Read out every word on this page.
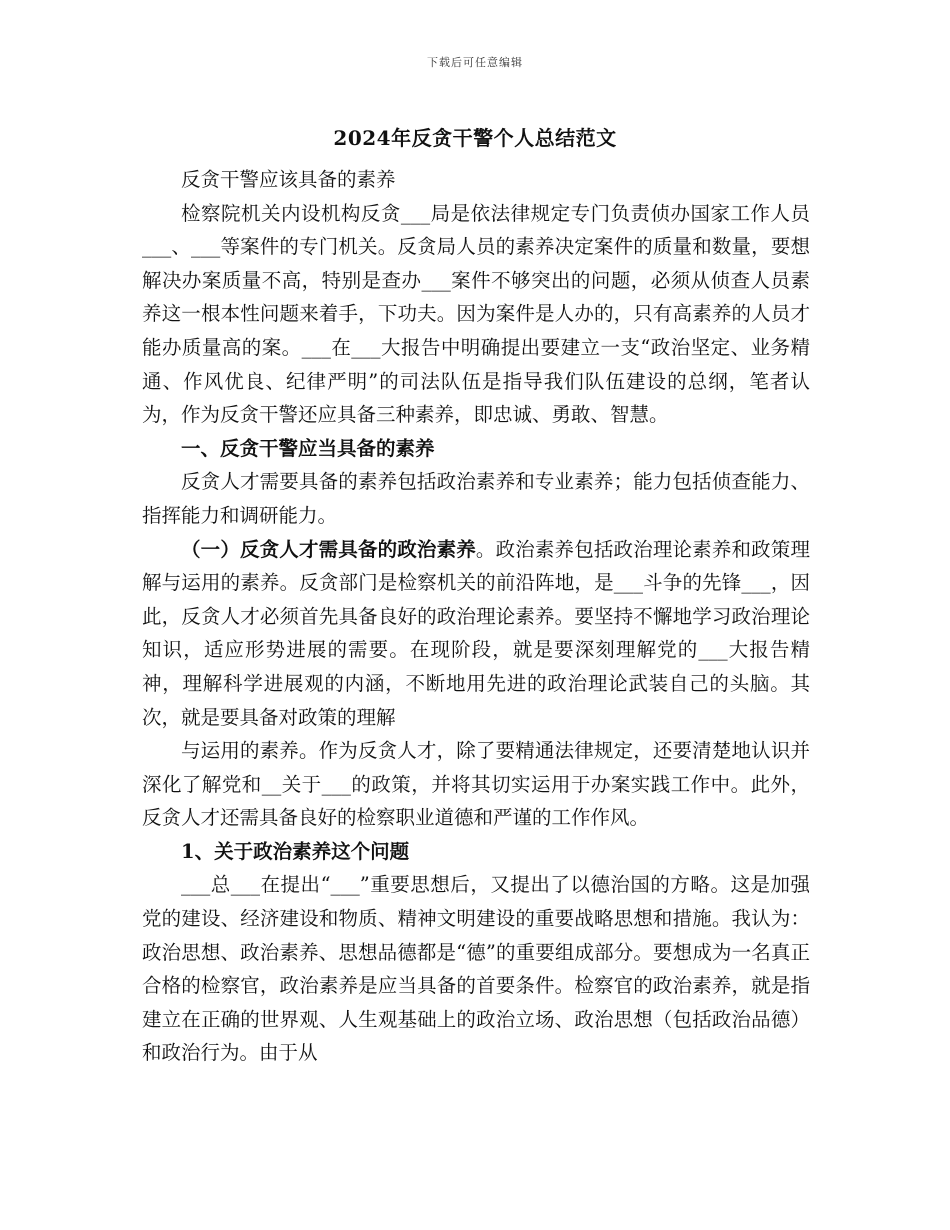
下载后可任意编辑
2024年反贪干警个人总结范文

反贪干警应该具备的素养

检察院机关内设机构反贪___局是依法律规定专门负责侦办国家工作人员___、___等案件的专门机关。反贪局人员的素养决定案件的质量和数量，要想解决办案质量不高，特别是查办___案件不够突出的问题，必须从侦查人员素养这一根本性问题来着手，下功夫。因为案件是人办的，只有高素养的人员才能办质量高的案。___在___大报告中明确提出要建立一支“政治坚定、业务精通、作风优良、纪律严明”的司法队伍是指导我们队伍建设的总纲，笔者认为，作为反贪干警还应具备三种素养，即忠诚、勇敢、智慧。

一、反贪干警应当具备的素养

反贪人才需要具备的素养包括政治素养和专业素养；能力包括侦查能力、指挥能力和调研能力。

（一）反贪人才需具备的政治素养。政治素养包括政治理论素养和政策理解与运用的素养。反贪部门是检察机关的前沿阵地，是___斗争的先锋___，因此，反贪人才必须首先具备良好的政治理论素养。要坚持不懈地学习政治理论知识，适应形势进展的需要。在现阶段，就是要深刻理解党的___大报告精神，理解科学进展观的内涵，不断地用先进的政治理论武装自己的头脑。其次，就是要具备对政策的理解

与运用的素养。作为反贪人才，除了要精通法律规定，还要清楚地认识并深化了解党和__关于___的政策，并将其切实运用于办案实践工作中。此外，反贪人才还需具备良好的检察职业道德和严谨的工作作风。

1、关于政治素养这个问题

___总___在提出“___”重要思想后，又提出了以德治国的方略。这是加强党的建设、经济建设和物质、精神文明建设的重要战略思想和措施。我认为：政治思想、政治素养、思想品德都是“德”的重要组成部分。要想成为一名真正合格的检察官，政治素养是应当具备的首要条件。检察官的政治素养，就是指建立在正确的世界观、人生观基础上的政治立场、政治思想（包括政治品德）和政治行为。由于从
